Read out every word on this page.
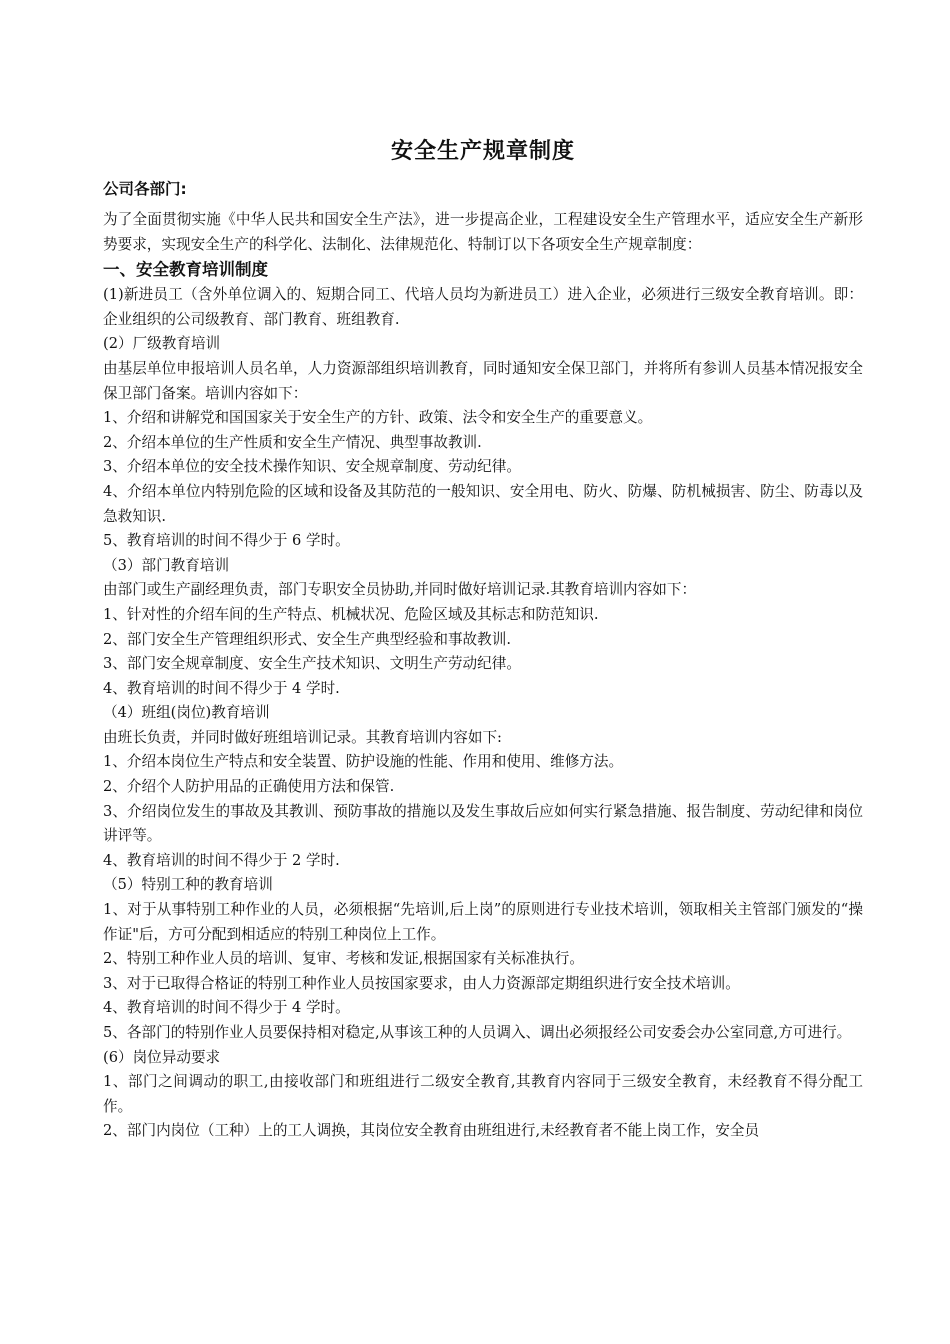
安全生产规章制度
公司各部门:

为了全面贯彻实施《中华人民共和国安全生产法》，进一步提高企业，工程建设安全生产管理水平，适应安全生产新形势要求，实现安全生产的科学化、法制化、法律规范化、特制订以下各项安全生产规章制度：

一、安全教育培训制度

(1)新进员工（含外单位调入的、短期合同工、代培人员均为新进员工）进入企业，必须进行三级安全教育培训。即：企业组织的公司级教育、部门教育、班组教育.

(2）厂级教育培训

由基层单位申报培训人员名单，人力资源部组织培训教育，同时通知安全保卫部门，并将所有参训人员基本情况报安全保卫部门备案。培训内容如下：

1、介绍和讲解党和国国家关于安全生产的方针、政策、法令和安全生产的重要意义。

2、介绍本单位的生产性质和安全生产情况、典型事故教训.

3、介绍本单位的安全技术操作知识、安全规章制度、劳动纪律。

4、介绍本单位内特别危险的区域和设备及其防范的一般知识、安全用电、防火、防爆、防机械损害、防尘、防毒以及急救知识.

5、教育培训的时间不得少于 6 学时。

（3）部门教育培训

由部门或生产副经理负责，部门专职安全员协助,并同时做好培训记录.其教育培训内容如下：

1、针对性的介绍车间的生产特点、机械状况、危险区域及其标志和防范知识.

2、部门安全生产管理组织形式、安全生产典型经验和事故教训.

3、部门安全规章制度、安全生产技术知识、文明生产劳动纪律。

4、教育培训的时间不得少于 4 学时.

（4）班组(岗位)教育培训

由班长负责，并同时做好班组培训记录。其教育培训内容如下:

1、介绍本岗位生产特点和安全装置、防护设施的性能、作用和使用、维修方法。

2、介绍个人防护用品的正确使用方法和保管.

3、介绍岗位发生的事故及其教训、预防事故的措施以及发生事故后应如何实行紧急措施、报告制度、劳动纪律和岗位讲评等。

4、教育培训的时间不得少于 2 学时.

（5）特别工种的教育培训

1、对于从事特别工种作业的人员，必须根据“先培训,后上岗”的原则进行专业技术培训，领取相关主管部门颁发的“操作证"后，方可分配到相适应的特别工种岗位上工作。

2、特别工种作业人员的培训、复审、考核和发证,根据国家有关标准执行。

3、对于已取得合格证的特别工种作业人员按国家要求，由人力资源部定期组织进行安全技术培训。

4、教育培训的时间不得少于 4 学时。

5、各部门的特别作业人员要保持相对稳定,从事该工种的人员调入、调出必须报经公司安委会办公室同意,方可进行。

(6）岗位异动要求

1、部门之间调动的职工,由接收部门和班组进行二级安全教育,其教育内容同于三级安全教育，未经教育不得分配工作。

2、部门内岗位（工种）上的工人调换，其岗位安全教育由班组进行,未经教育者不能上岗工作，安全员
